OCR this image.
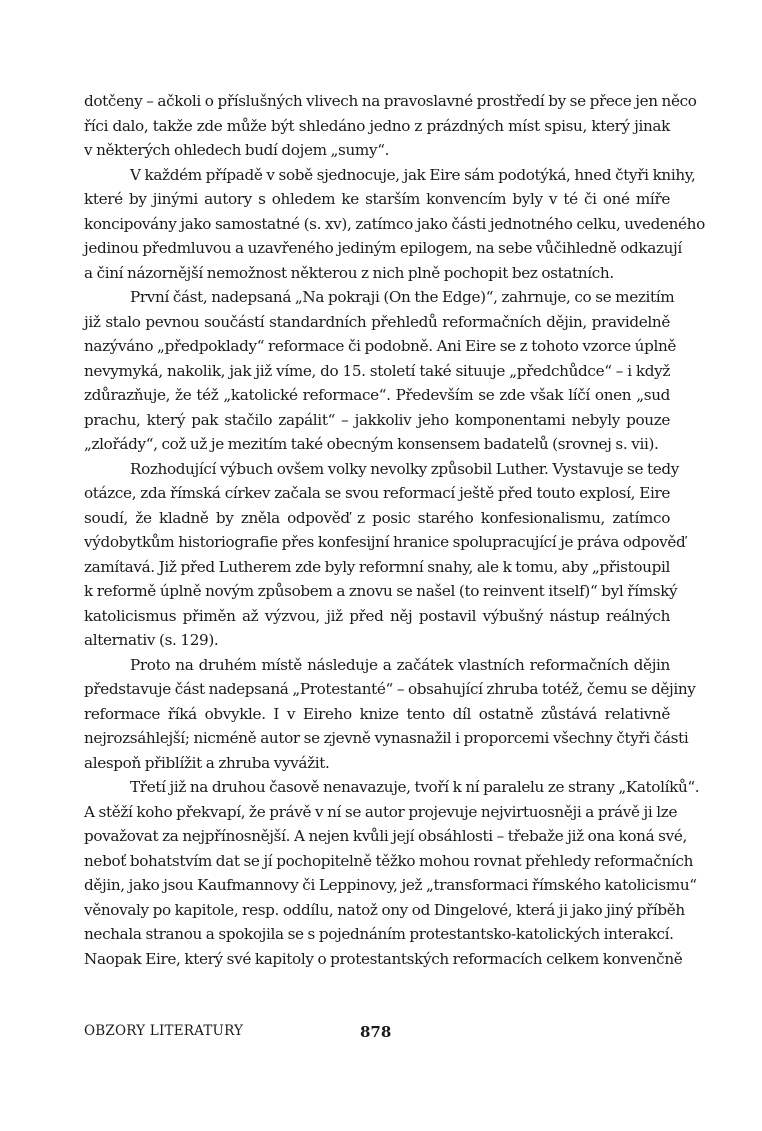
dotčeny – ačkoli o příslušných vlivech na pravoslavné prostředí by se přece jen něco
říci dalo, takže zde může být shledáno jedno z prázdných míst spisu, který jinak
v některých ohledech budí dojem „sumy“.
V každém případě v sobě sjednocuje, jak Eire sám podotýká, hned čtyři knihy,
které by jinými autory s ohledem ke starším konvencím byly v té či oné míře
koncipovány jako samostatné (s. xv), zatímco jako části jednotného celku, uvedeného
jedinou předmluvou a uzavřeného jediným epilogem, na sebe vůčihledně odkazují
a činí názornější nemožnost některou z nich plně pochopit bez ostatních.
První část, nadepsaná „Na pokraji (On the Edge)“, zahrnuje, co se mezitím
již stalo pevnou součástí standardních přehledů reformačních dějin, pravidelně
nazýváno „předpoklady“ reformace či podobně. Ani Eire se z tohoto vzorce úplně
nevymyká, nakolik, jak již víme, do 15. století také situuje „předchůdce“ – i když
zdůrazňuje, že též „katolické reformace“. Především se zde však líčí onen „sud
prachu, který pak stačilo zapálit“ – jakkoliv jeho komponentami nebyly pouze
„zlořády“, což už je mezitím také obecným konsensem badatelů (srovnej s. vii).
Rozhodující výbuch ovšem volky nevolky způsobil Luther. Vystavuje se tedy
otázce, zda římská církev začala se svou reformací ještě před touto explosí, Eire
soudí, že kladně by zněla odpověď z posic starého konfesionalismu, zatímco
výdobytkům historiografie přes konfesijní hranice spolupracující je práva odpověď
zamítavá. Již před Lutherem zde byly reformní snahy, ale k tomu, aby „přistoupil
k reformě úplně novým způsobem a znovu se našel (to reinvent itself)“ byl římský
katolicismus přiměn až výzvou, již před něj postavil výbušný nástup reálných
alternativ (s. 129).
Proto na druhém místě následuje a začátek vlastních reformačních dějin
představuje část nadepsaná „Protestanté“ – obsahující zhruba totéž, čemu se dějiny
reformace říká obvykle. I v Eireho knize tento díl ostatně zůstává relativně
nejrozsáhlejší; nicméně autor se zjevně vynasnažil i proporcemi všechny čtyři části
alespoň přiblížit a zhruba vyvážit.
Třetí již na druhou časově nenavazuje, tvoří k ní paralelu ze strany „Katolíků“.
A stěží koho překvapí, že právě v ní se autor projevuje nejvirtuosněji a právě ji lze
považovat za nejpřínosnější. A nejen kvůli její obsáhlosti – třebaže již ona koná své,
neboť bohatstvím dat se jí pochopitelně těžko mohou rovnat přehledy reformačních
dějin, jako jsou Kaufmannovy či Leppinovy, jež „transformaci římského katolicismu“
věnovaly po kapitole, resp. oddílu, natož ony od Dingelové, která ji jako jiný příběh
nechala stranou a spokojila se s pojednáním protestantsko-katolických interakcí.
Naopak Eire, který své kapitoly o protestantských reformacích celkem konvenčně
OBZORY LITERATURY	878
